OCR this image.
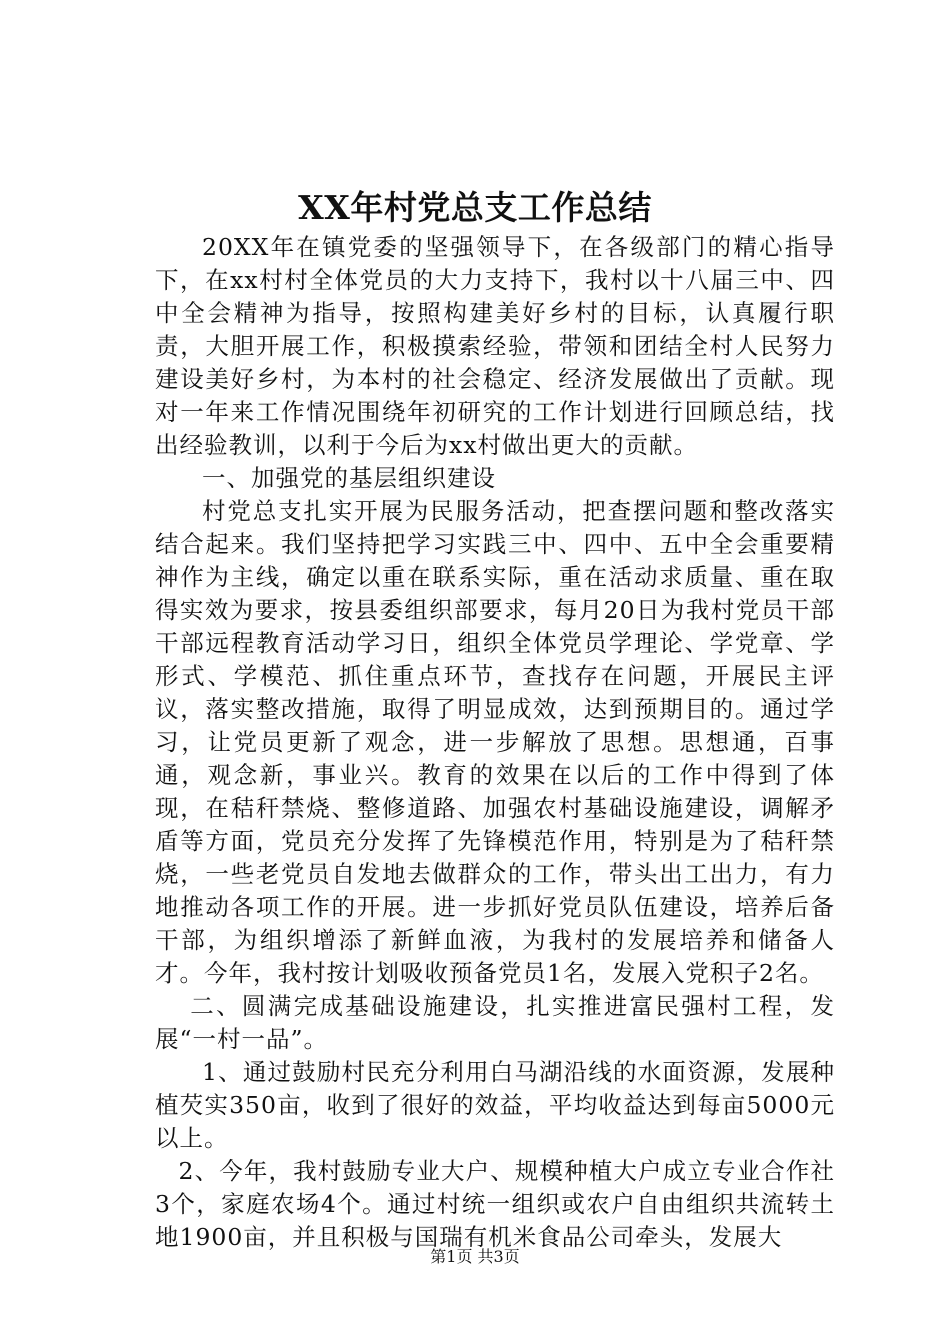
XX年村党总支工作总结

20XX年在镇党委的坚强领导下，在各级部门的精心指导下，在xx村村全体党员的大力支持下，我村以十八届三中、四中全会精神为指导，按照构建美好乡村的目标，认真履行职责，大胆开展工作，积极摸索经验，带领和团结全村人民努力建设美好乡村，为本村的社会稳定、经济发展做出了贡献。现对一年来工作情况围绕年初研究的工作计划进行回顾总结，找出经验教训，以利于今后为xx村做出更大的贡献。

一、加强党的基层组织建设

村党总支扎实开展为民服务活动，把查摆问题和整改落实结合起来。我们坚持把学习实践三中、四中、五中全会重要精神作为主线，确定以重在联系实际，重在活动求质量、重在取得实效为要求，按县委组织部要求，每月20日为我村党员干部干部远程教育活动学习日，组织全体党员学理论、学党章、学形式、学模范、抓住重点环节，查找存在问题，开展民主评议，落实整改措施，取得了明显成效，达到预期目的。通过学习，让党员更新了观念，进一步解放了思想。思想通，百事通，观念新，事业兴。教育的效果在以后的工作中得到了体现，在秸秆禁烧、整修道路、加强农村基础设施建设，调解矛盾等方面，党员充分发挥了先锋模范作用，特别是为了秸秆禁烧，一些老党员自发地去做群众的工作，带头出工出力，有力地推动各项工作的开展。进一步抓好党员队伍建设，培养后备干部，为组织增添了新鲜血液，为我村的发展培养和储备人才。今年，我村按计划吸收预备党员1名，发展入党积子2名。

二、圆满完成基础设施建设，扎实推进富民强村工程，发展“一村一品”。

1、通过鼓励村民充分利用白马湖沿线的水面资源，发展种植芡实350亩，收到了很好的效益，平均收益达到每亩5000元以上。

2、今年，我村鼓励专业大户、规模种植大户成立专业合作社3个，家庭农场4个。通过村统一组织或农户自由组织共流转土地1900亩，并且积极与国瑞有机米食品公司牵头，发展大

第1页 共3页
